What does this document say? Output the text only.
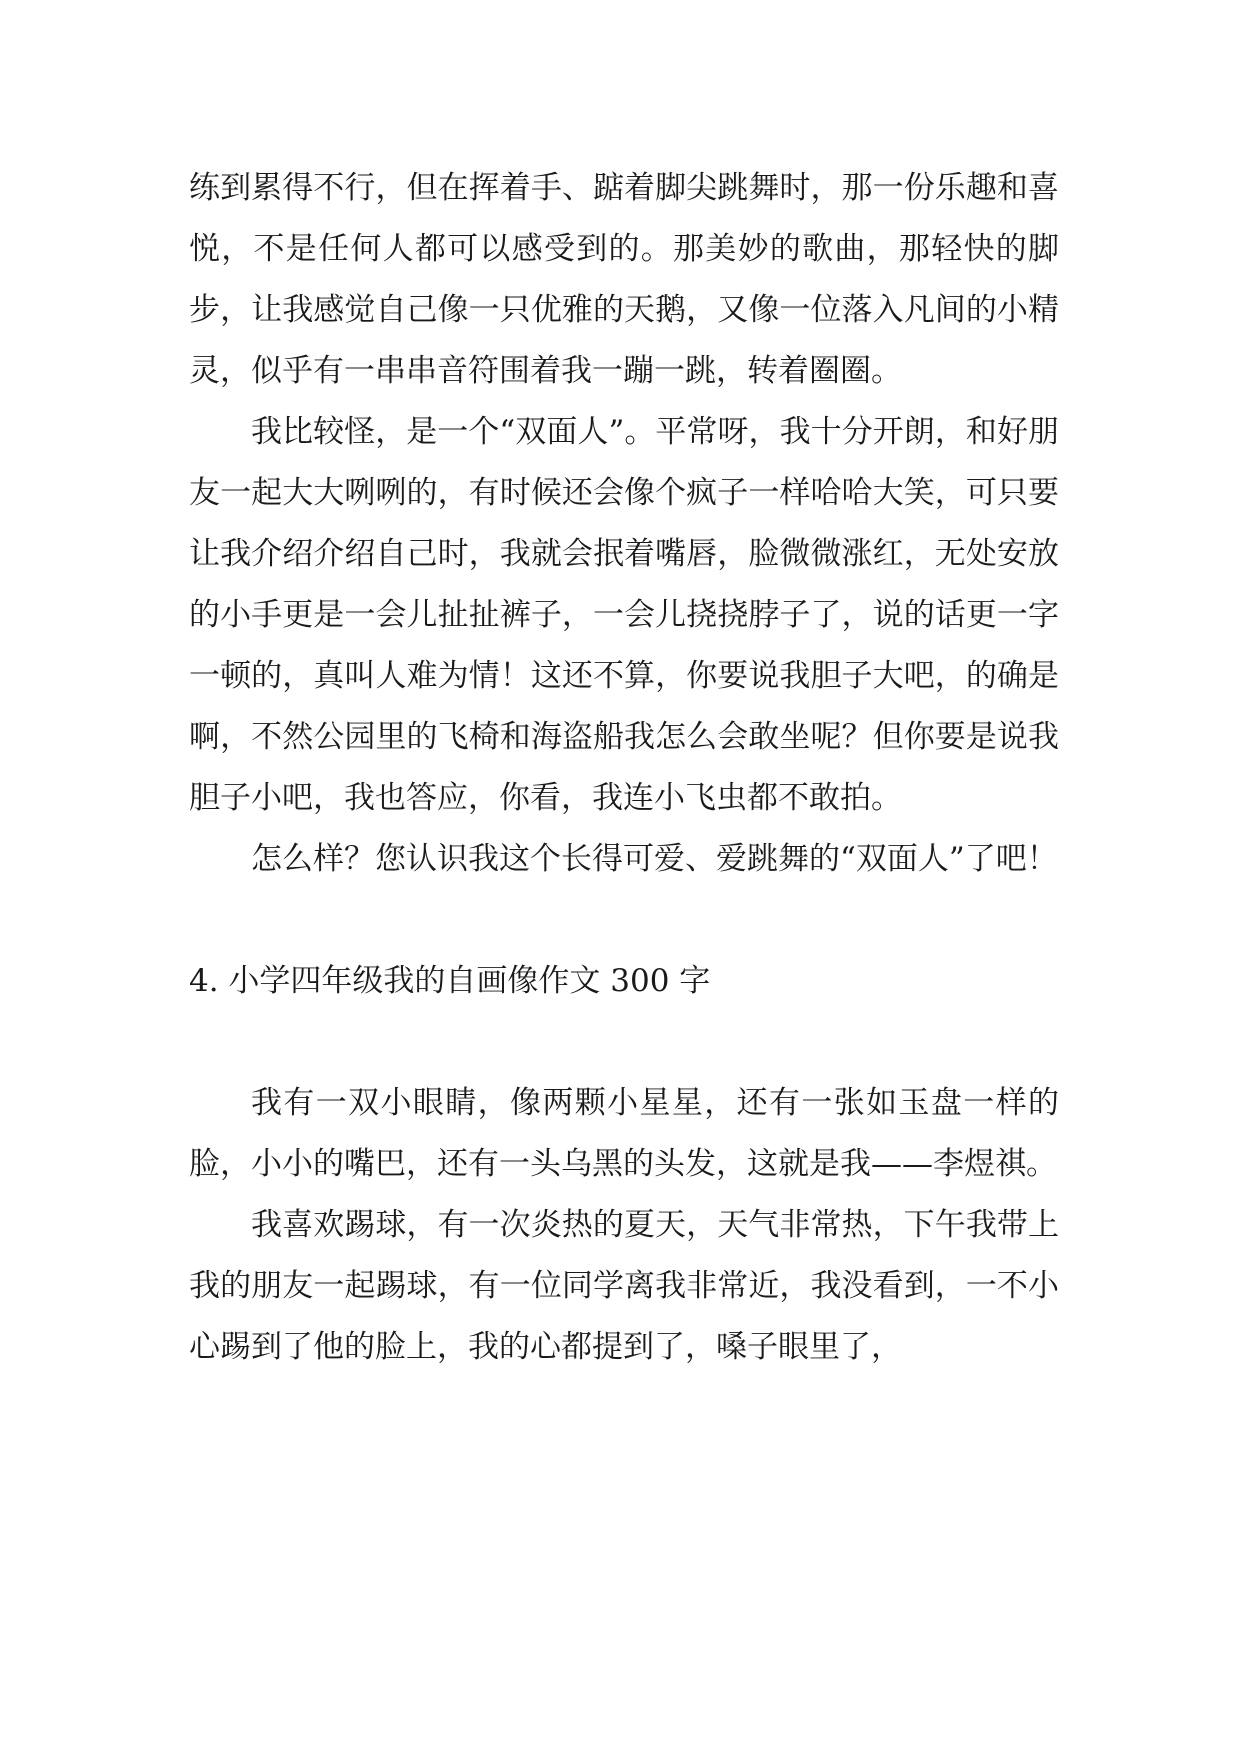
练到累得不行，但在挥着手、踮着脚尖跳舞时，那一份乐趣和喜悦，不是任何人都可以感受到的。那美妙的歌曲，那轻快的脚步，让我感觉自己像一只优雅的天鹅，又像一位落入凡间的小精灵，似乎有一串串音符围着我一蹦一跳，转着圈圈。

我比较怪，是一个“双面人”。平常呀，我十分开朗，和好朋友一起大大咧咧的，有时候还会像个疯子一样哈哈大笑，可只要让我介绍介绍自己时，我就会抿着嘴唇，脸微微涨红，无处安放的小手更是一会儿扯扯裤子，一会儿挠挠脖子了，说的话更一字一顿的，真叫人难为情！这还不算，你要说我胆子大吧，的确是啊，不然公园里的飞椅和海盗船我怎么会敢坐呢？但你要是说我胆子小吧，我也答应，你看，我连小飞虫都不敢拍。

怎么样？您认识我这个长得可爱、爱跳舞的“双面人”了吧！

4. 小学四年级我的自画像作文 300 字

我有一双小眼睛，像两颗小星星，还有一张如玉盘一样的脸，小小的嘴巴，还有一头乌黑的头发，这就是我——李煜祺。

我喜欢踢球，有一次炎热的夏天，天气非常热，下午我带上我的朋友一起踢球，有一位同学离我非常近，我没看到，一不小心踢到了他的脸上，我的心都提到了，嗓子眼里了，
